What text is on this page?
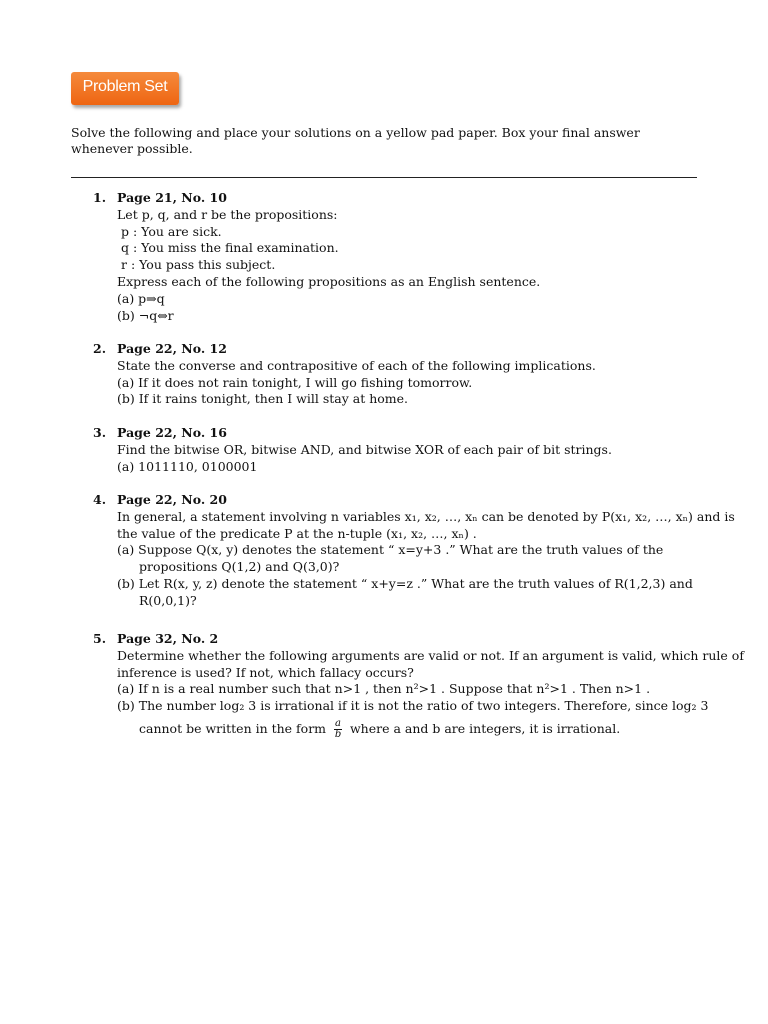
Problem Set
Solve the following and place your solutions on a yellow pad paper. Box your final answer whenever possible.
1. Page 21, No. 10
Let p, q, and r be the propositions:
p : You are sick.
q : You miss the final examination.
r : You pass this subject.
Express each of the following propositions as an English sentence.
(a) p⇒q
(b) ¬q⇔r
2. Page 22, No. 12
State the converse and contrapositive of each of the following implications.
(a) If it does not rain tonight, I will go fishing tomorrow.
(b) If it rains tonight, then I will stay at home.
3. Page 22, No. 16
Find the bitwise OR, bitwise AND, and bitwise XOR of each pair of bit strings.
(a) 1011110, 0100001
4. Page 22, No. 20
In general, a statement involving n variables x₁, x₂, …, xₙ can be denoted by P(x₁, x₂, …, xₙ) and is
the value of the predicate P at the n-tuple (x₁, x₂, …, xₙ) .
(a) Suppose Q(x, y) denotes the statement “ x=y+3 .” What are the truth values of the
propositions Q(1,2) and Q(3,0)?
(b) Let R(x, y, z) denote the statement “ x+y=z .” What are the truth values of R(1,2,3) and
R(0,0,1)?
5. Page 32, No. 2
Determine whether the following arguments are valid or not. If an argument is valid, which rule of
inference is used? If not, which fallacy occurs?
(a) If n is a real number such that n>1 , then n²>1 . Suppose that n²>1 . Then n>1 .
(b) The number log₂ 3 is irrational if it is not the ratio of two integers. Therefore, since log₂ 3
cannot be written in the form $\frac{a}{b}$ where a and b are integers, it is irrational.
